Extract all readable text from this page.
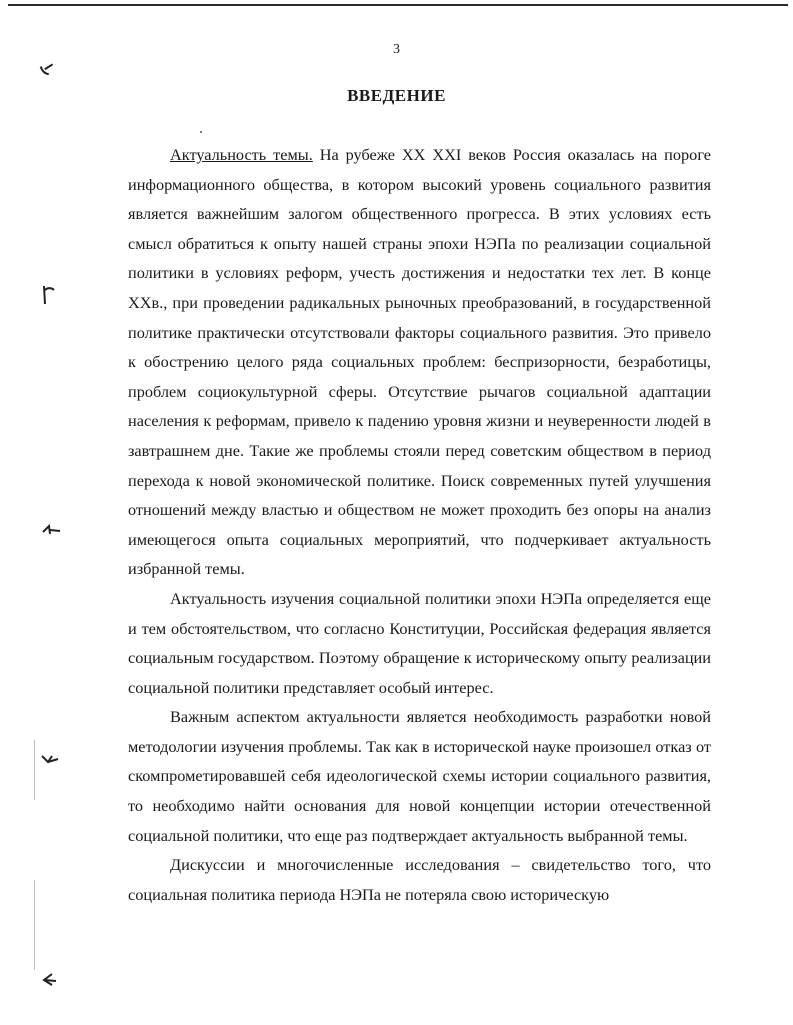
3
ВВЕДЕНИЕ

Актуальность темы. На рубеже XX XXI веков Россия оказалась на пороге информационного общества, в котором высокий уровень социального развития является важнейшим залогом общественного прогресса. В этих условиях есть смысл обратиться к опыту нашей страны эпохи НЭПа по реализации социальной политики в условиях реформ, учесть достижения и недостатки тех лет. В конце XXв., при проведении радикальных рыночных преобразований, в государственной политике практически отсутствовали факторы социального развития. Это привело к обострению целого ряда социальных проблем: беспризорности, безработицы, проблем социокультурной сферы. Отсутствие рычагов социальной адаптации населения к реформам, привело к падению уровня жизни и неуверенности людей в завтрашнем дне. Такие же проблемы стояли перед советским обществом в период перехода к новой экономической политике. Поиск современных путей улучшения отношений между властью и обществом не может проходить без опоры на анализ имеющегося опыта социальных мероприятий, что подчеркивает актуальность избранной темы.

Актуальность изучения социальной политики эпохи НЭПа определяется еще и тем обстоятельством, что согласно Конституции, Российская федерация является социальным государством. Поэтому обращение к историческому опыту реализации социальной политики представляет особый интерес.

Важным аспектом актуальности является необходимость разработки новой методологии изучения проблемы. Так как в исторической науке произошел отказ от скомпрометировавшей себя идеологической схемы истории социального развития, то необходимо найти основания для новой концепции истории отечественной социальной политики, что еще раз подтверждает актуальность выбранной темы.

Дискуссии и многочисленные исследования – свидетельство того, что социальная политика периода НЭПа не потеряла свою историческую
